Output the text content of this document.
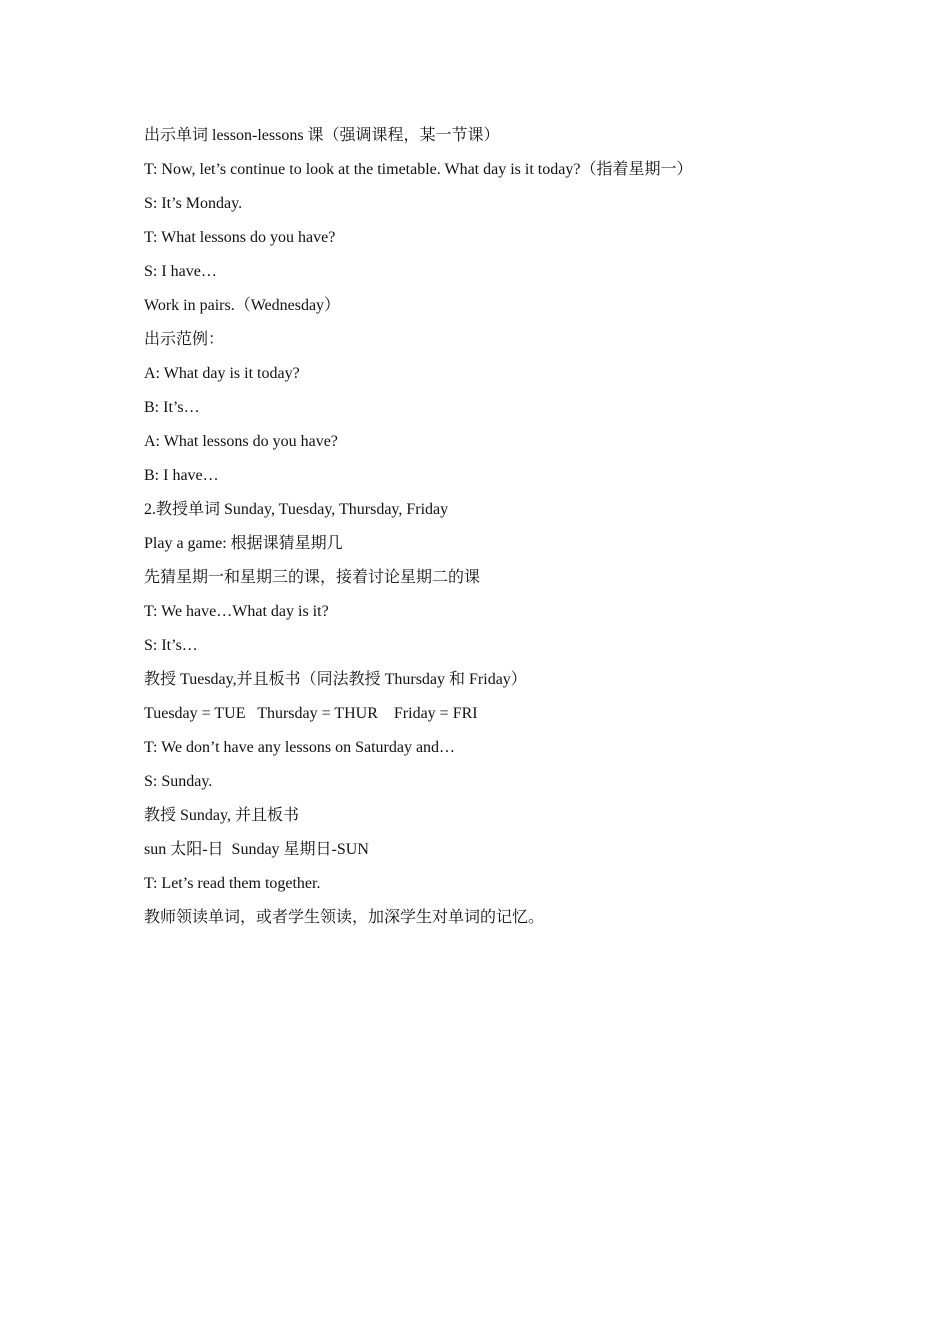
出示单词 lesson-lessons 课（强调课程，某一节课）

T: Now, let’s continue to look at the timetable. What day is it today?（指着星期一）

S: It’s Monday.

T: What lessons do you have?

S: I have…

Work in pairs.（Wednesday）

出示范例：

A: What day is it today?

B: It’s…

A: What lessons do you have?

B: I have…

2.教授单词 Sunday, Tuesday, Thursday, Friday

Play a game: 根据课猜星期几

先猜星期一和星期三的课，接着讨论星期二的课

T: We have…What day is it?

S: It’s…

教授 Tuesday,并且板书（同法教授 Thursday 和 Friday）

Tuesday = TUE   Thursday = THUR    Friday = FRI

T: We don’t have any lessons on Saturday and…

S: Sunday.

教授 Sunday, 并且板书

sun 太阳-日  Sunday 星期日-SUN

T: Let’s read them together.

教师领读单词，或者学生领读，加深学生对单词的记忆。
